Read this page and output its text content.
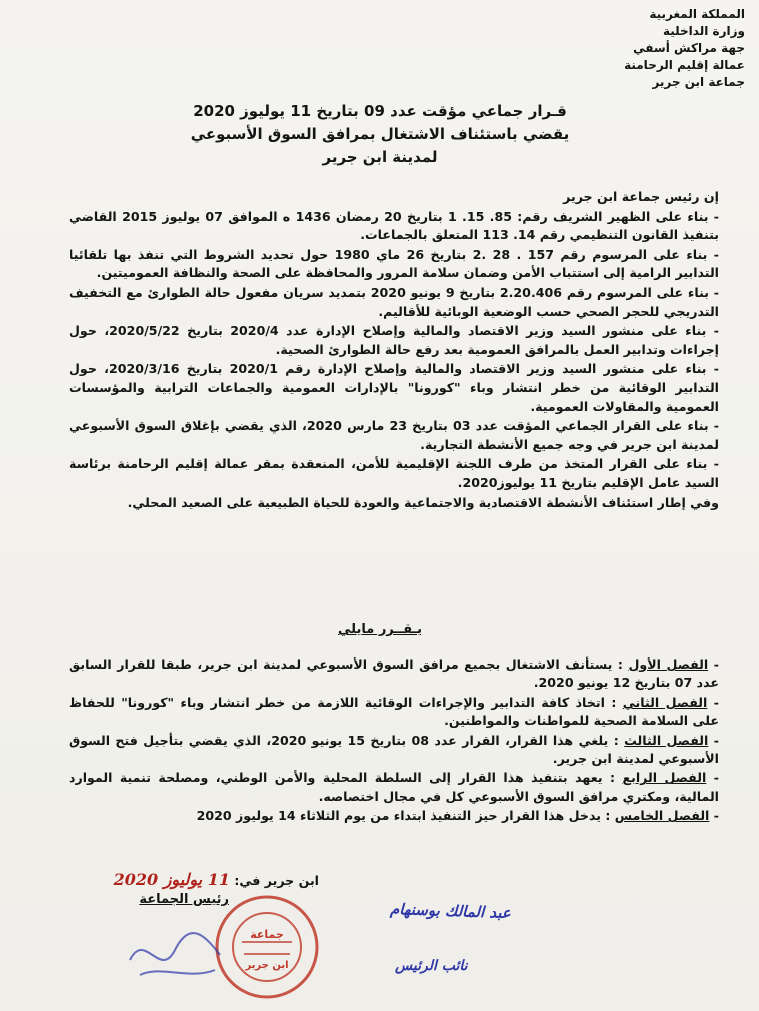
المملكة المغربية
وزارة الداخلية
جهة مراكش أسفي
عمالة إقليم الرحامنة
جماعة ابن جرير
قـرار جماعي مؤقت عدد 09 بتاريخ 11 يوليوز 2020
يقضي باستئناف الاشتغال بمرافق السوق الأسبوعي
لمدينة ابن جرير

إن رئيس جماعة ابن جرير

- بناء على الظهير الشريف رقم: 85. 15. 1 بتاريخ 20 رمضان 1436 ه الموافق 07 يوليوز 2015 القاضي بتنفيذ القانون التنظيمي رقم 14. 113 المتعلق بالجماعات.

- بناء على المرسوم رقم 157 . 28 .2 بتاريخ 26 ماي 1980 حول تحديد الشروط التي تنفذ بها تلقائيا التدابير الرامية إلى استتباب الأمن وضمان سلامة المرور والمحافظة على الصحة والنظافة العموميتين.

- بناء على المرسوم رقم 2.20.406 بتاريخ 9 يونيو 2020 بتمديد سريان مفعول حالة الطوارئ مع التخفيف التدريجي للحجر الصحي حسب الوضعية الوبائية للأقاليم.

- بناء على منشور السيد وزير الاقتصاد والمالية وإصلاح الإدارة عدد 2020/4 بتاريخ 2020/5/22، حول إجراءات وتدابير العمل بالمرافق العمومية بعد رفع حالة الطوارئ الصحية.

- بناء على منشور السيد وزير الاقتصاد والمالية وإصلاح الإدارة رقم 2020/1 بتاريخ 2020/3/16، حول التدابير الوقائية من خطر انتشار وباء "كورونا" بالإدارات العمومية والجماعات الترابية والمؤسسات العمومية والمقاولات العمومية.

- بناء على القرار الجماعي المؤقت عدد 03 بتاريخ 23 مارس 2020، الذي يقضي بإغلاق السوق الأسبوعي لمدينة ابن جرير في وجه جميع الأنشطة التجارية.

- بناء على القرار المتخذ من طرف اللجنة الإقليمية للأمن، المنعقدة بمقر عمالة إقليم الرحامنة برئاسة السيد عامل الإقليم بتاريخ 11 يوليوز2020.

وفي إطار استئناف الأنشطة الاقتصادية والاجتماعية والعودة للحياة الطبيعية على الصعيد المحلي.

يـقــرر مايلي

- الفصل الأول : يستأنف الاشتغال بجميع مرافق السوق الأسبوعي لمدينة ابن جرير، طبقا للقرار السابق عدد 07 بتاريخ 12 يونيو 2020.

- الفصل الثاني : اتخاذ كافة التدابير والإجراءات الوقائية اللازمة من خطر انتشار وباء "كورونا" للحفاظ على السلامة الصحية للمواطنات والمواطنين.

- الفصل الثالث : يلغي هذا القرار، القرار عدد 08 بتاريخ 15 يونيو 2020، الذي يقضي بتأجيل فتح السوق الأسبوعي لمدينة ابن جرير.

- الفصل الرابع : يعهد بتنفيذ هذا القرار إلى السلطة المحلية والأمن الوطني، ومصلحة تنمية الموارد المالية، ومكتري مرافق السوق الأسبوعي كل في مجال اختصاصه.

- الفصل الخامس : يدخل هذا القرار حيز التنفيذ ابتداء من يوم الثلاثاء 14 يوليوز 2020

ابن جرير في: 11 يوليوز 2020
رئيس الجماعة
جماعة
ابن جرير
عبد المالك بوسنهام
نائب الرئيس
